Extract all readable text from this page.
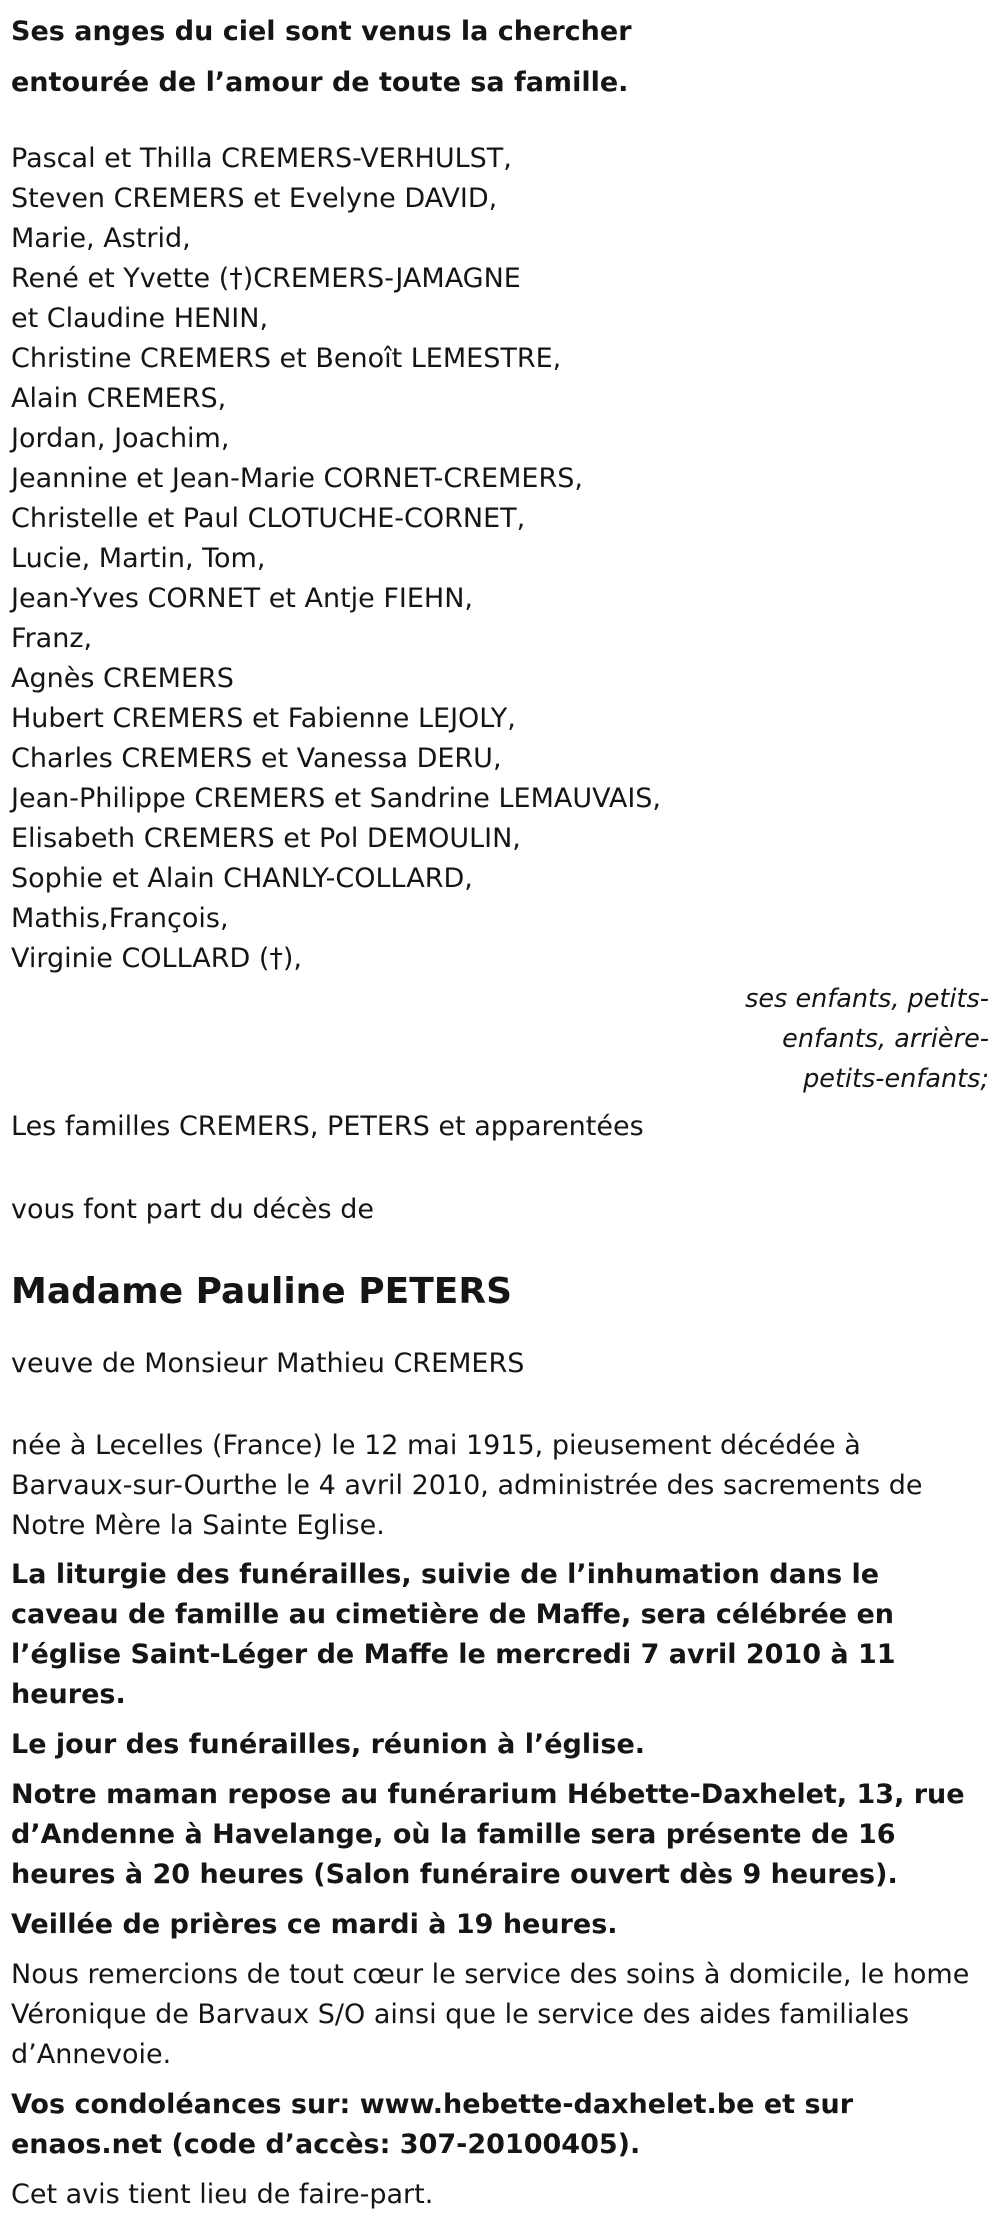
Ses anges du ciel sont venus la chercher
entourée de l’amour de toute sa famille.
Pascal et Thilla CREMERS-VERHULST,
Steven CREMERS et Evelyne DAVID,
Marie, Astrid,
René et Yvette (†)CREMERS-JAMAGNE
et Claudine HENIN,
Christine CREMERS et Benoît LEMESTRE,
Alain CREMERS,
Jordan, Joachim,
Jeannine et Jean-Marie CORNET-CREMERS,
Christelle et Paul CLOTUCHE-CORNET,
Lucie, Martin, Tom,
Jean-Yves CORNET et Antje FIEHN,
Franz,
Agnès CREMERS
Hubert CREMERS et Fabienne LEJOLY,
Charles CREMERS et Vanessa DERU,
Jean-Philippe CREMERS et Sandrine LEMAUVAIS,
Elisabeth CREMERS et Pol DEMOULIN,
Sophie et Alain CHANLY-COLLARD,
Mathis,François,
Virginie COLLARD (†),
ses enfants, petits-enfants, arrière-petits-enfants;
Les familles CREMERS, PETERS et apparentées
vous font part du décès de
Madame Pauline PETERS
veuve de Monsieur Mathieu CREMERS
née à Lecelles (France) le 12 mai 1915, pieusement décédée à Barvaux-sur-Ourthe le 4 avril 2010, administrée des sacrements de Notre Mère la Sainte Eglise.
La liturgie des funérailles, suivie de l’inhumation dans le caveau de famille au cimetière de Maffe, sera célébrée en l’église Saint-Léger de Maffe le mercredi 7 avril 2010 à 11 heures.
Le jour des funérailles, réunion à l’église.
Notre maman repose au funérarium Hébette-Daxhelet, 13, rue d’Andenne à Havelange, où la famille sera présente de 16 heures à 20 heures (Salon funéraire ouvert dès 9 heures).
Veillée de prières ce mardi à 19 heures.
Nous remercions de tout cœur le service des soins à domicile, le home Véronique de Barvaux S/O ainsi que le service des aides familiales d’Annevoie.
Vos condoléances sur: www.hebette-daxhelet.be et sur enaos.net (code d’accès: 307-20100405).
Cet avis tient lieu de faire-part.
